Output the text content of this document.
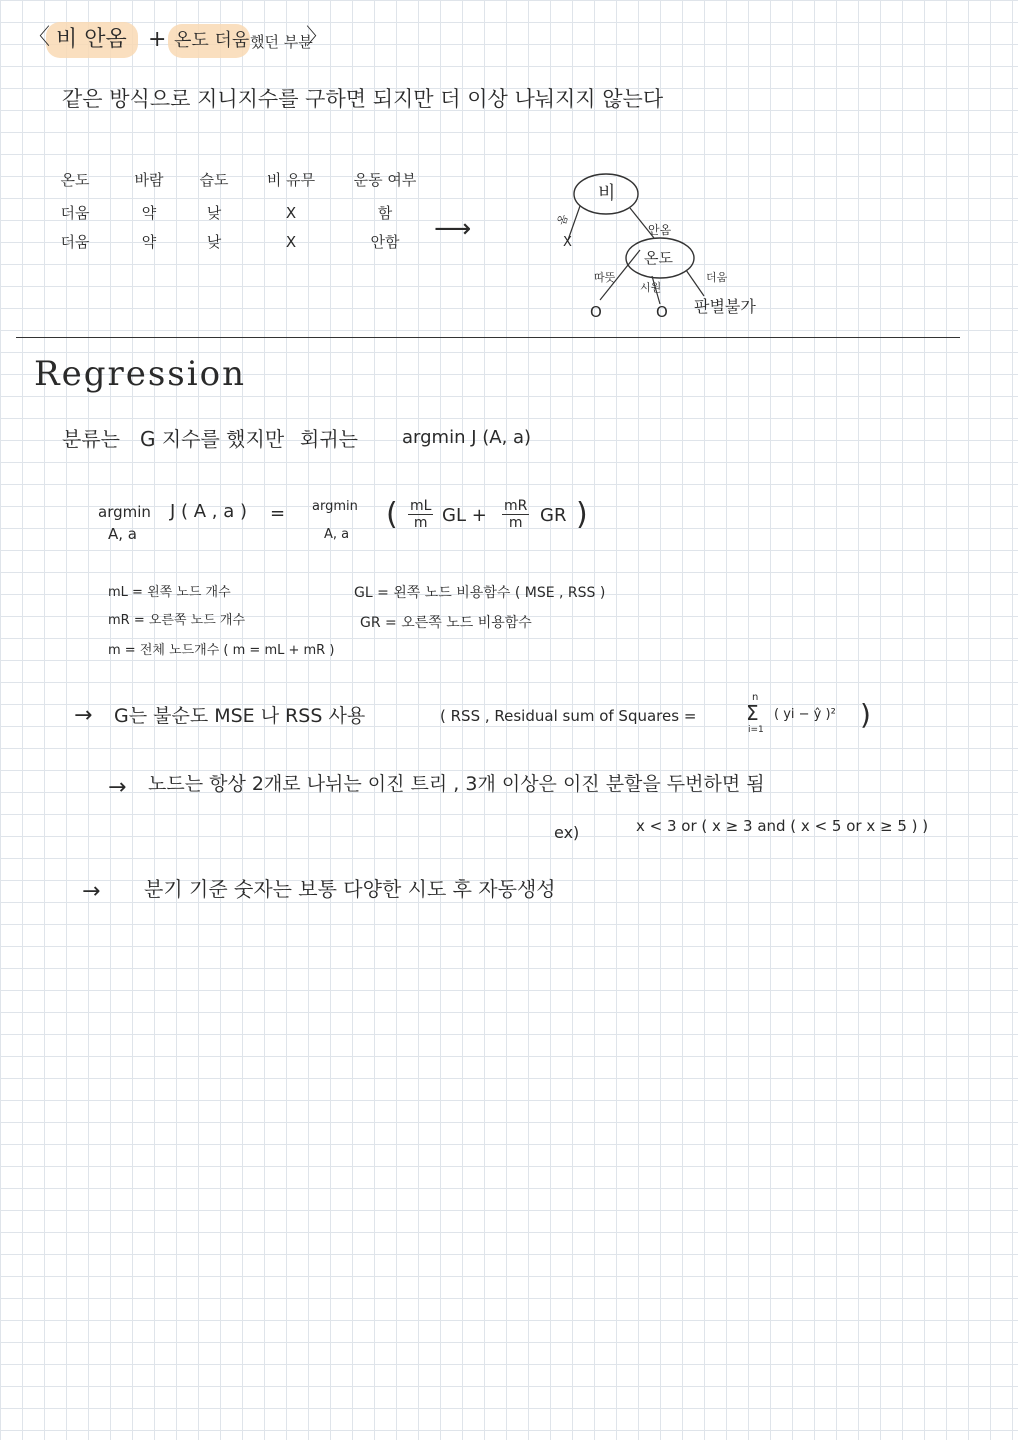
〈 비 안옴 + 온도 더움 했던 부분
〉
같은 방식으로 지니지수를 구하면 되지만 더 이상 나눠지지 않는다
온도	바람	습도	비 유무	운동 여부
더움	약	낮	X	함
더움	약	낮	X	안함 ⟶
비
옴
X
안옴
온도
따뜻
시원
더움
O	O 판별불가
Regression
분류는 G 지수를 했지만 회귀는 argmin J (A, a)
argmin J ( A , a )
A, a
= argmin
A, a
( $\frac{mL}{m}$ GL + $\frac{mR}{m}$ GR )
mL = 왼쪽 노드 개수
mR = 오른쪽 노드 개수
m = 전체 노드개수 ( m = mL + mR )
GL = 왼쪽 노드 비용함수 ( MSE , RSS )
GR = 오른쪽 노드 비용함수
→ G는 불순도 MSE 나 RSS 사용	( RSS , Residual sum of Squares =
n
Σ
i=1
( yi − ŷ )² )
→ 노드는 항상 2개로 나뉘는 이진 트리 , 3개 이상은 이진 분할을 두번하면 됨
ex)	x < 3 or ( x ≥ 3 and ( x < 5 or x ≥ 5 ) )
→ 분기 기준 숫자는 보통 다양한 시도 후 자동생성
